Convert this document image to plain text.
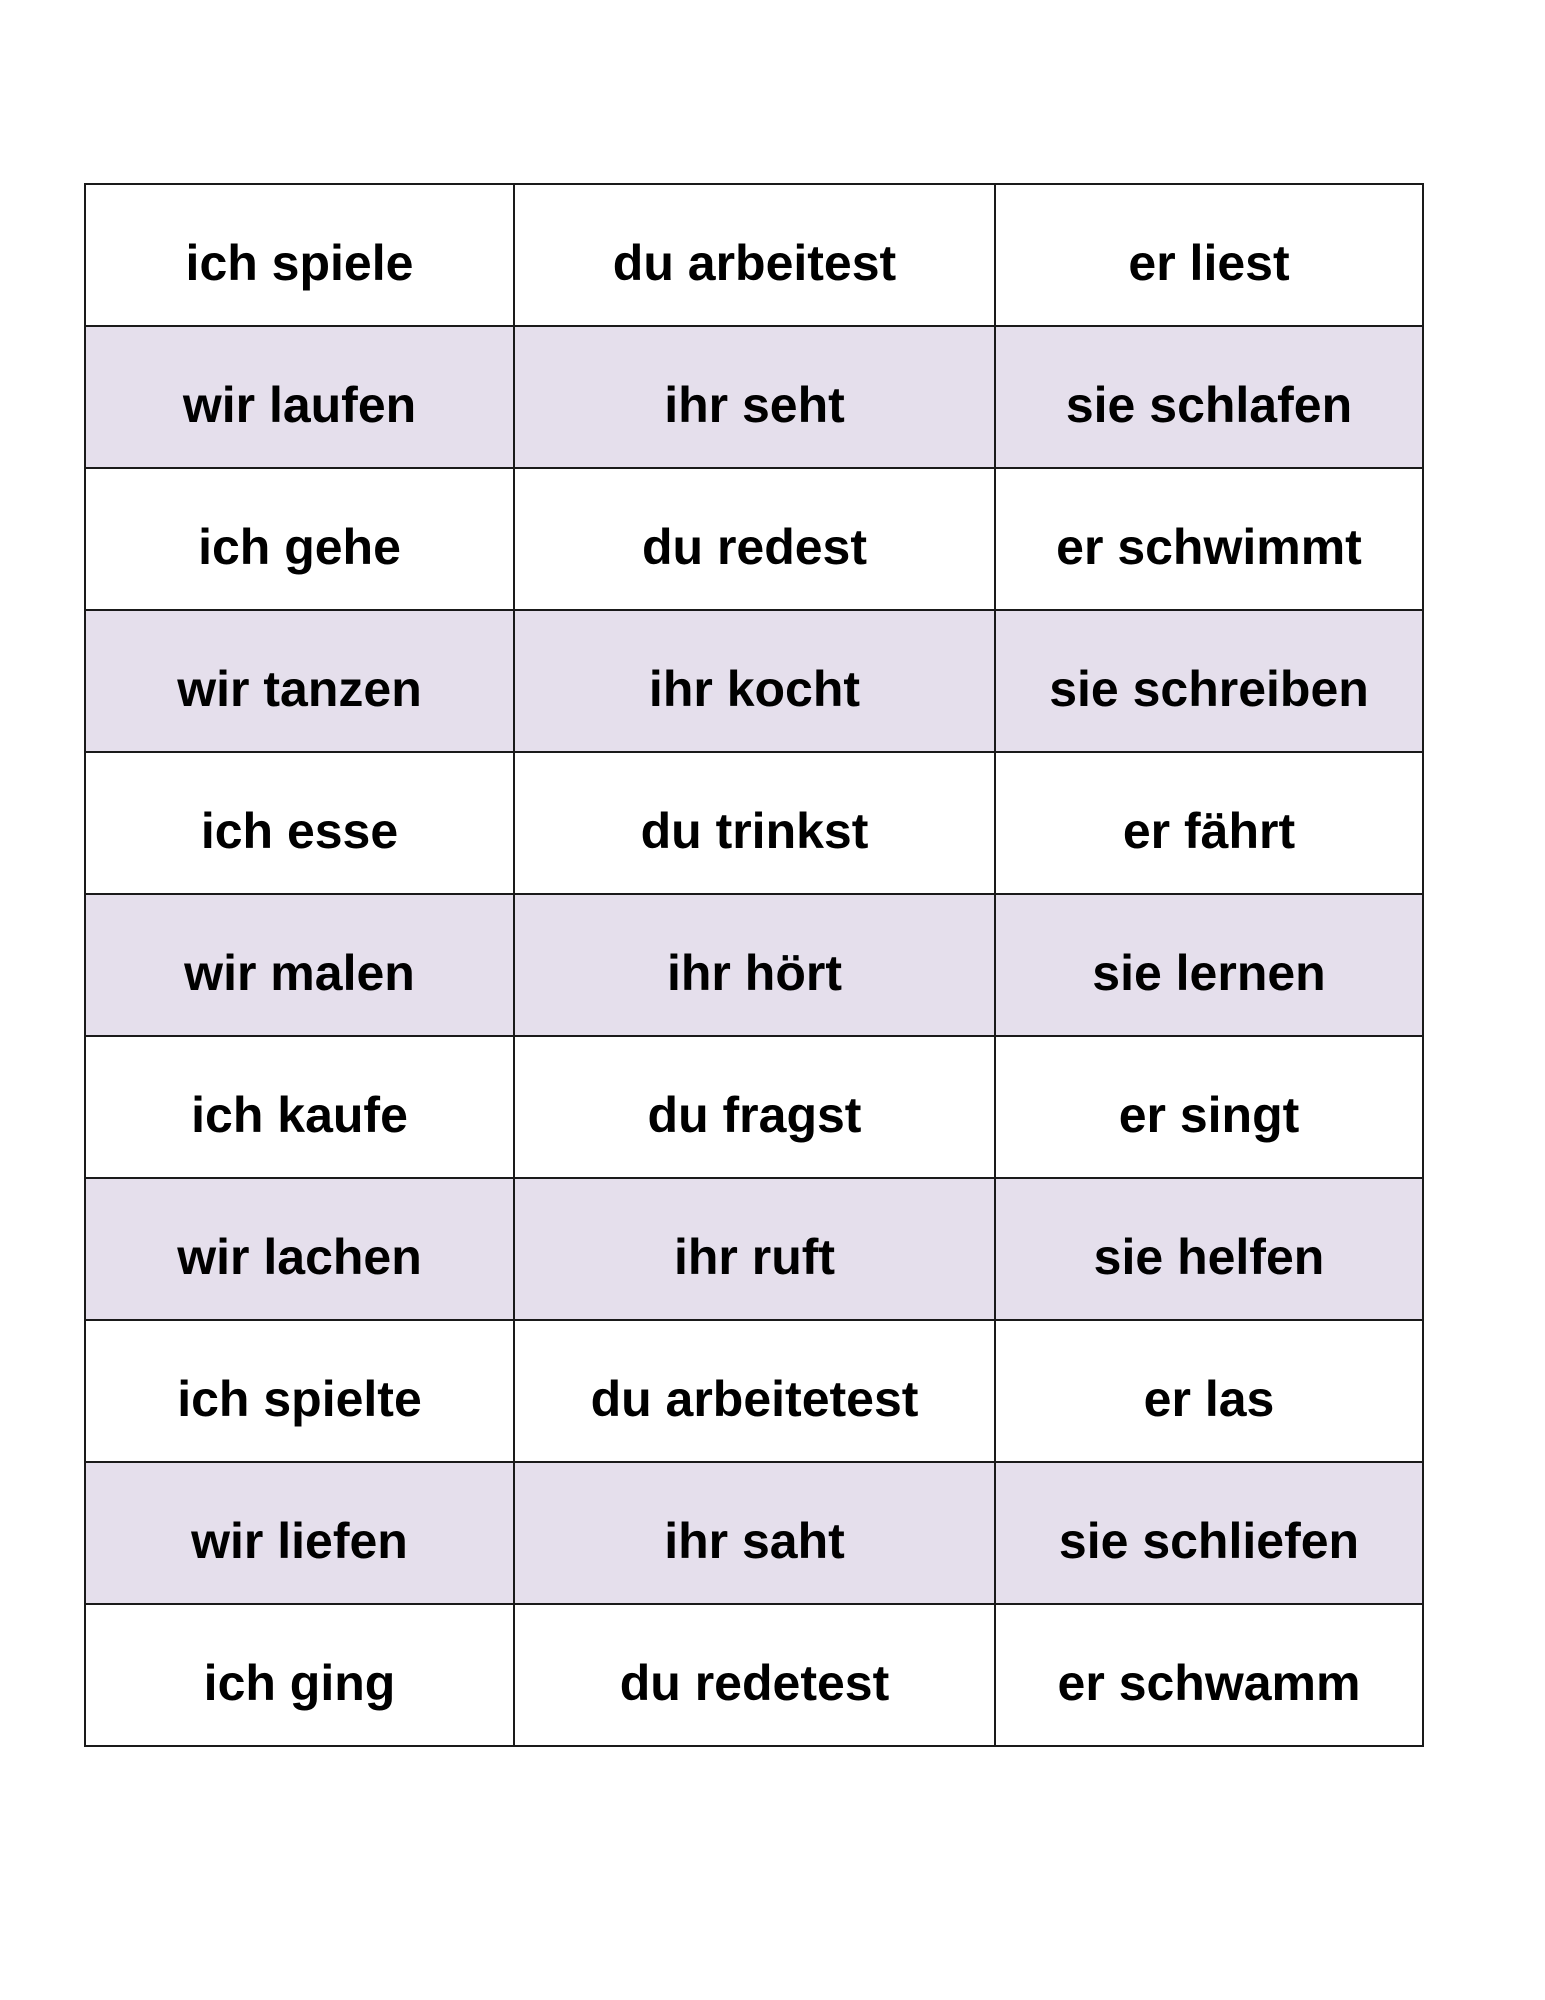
ich spiele	du arbeitest	er liest
wir laufen	ihr seht	sie schlafen
ich gehe	du redest	er schwimmt
wir tanzen	ihr kocht	sie schreiben
ich esse	du trinkst	er fährt
wir malen	ihr hört	sie lernen
ich kaufe	du fragst	er singt
wir lachen	ihr ruft	sie helfen
ich spielte	du arbeitetest	er las
wir liefen	ihr saht	sie schliefen
ich ging	du redetest	er schwamm
